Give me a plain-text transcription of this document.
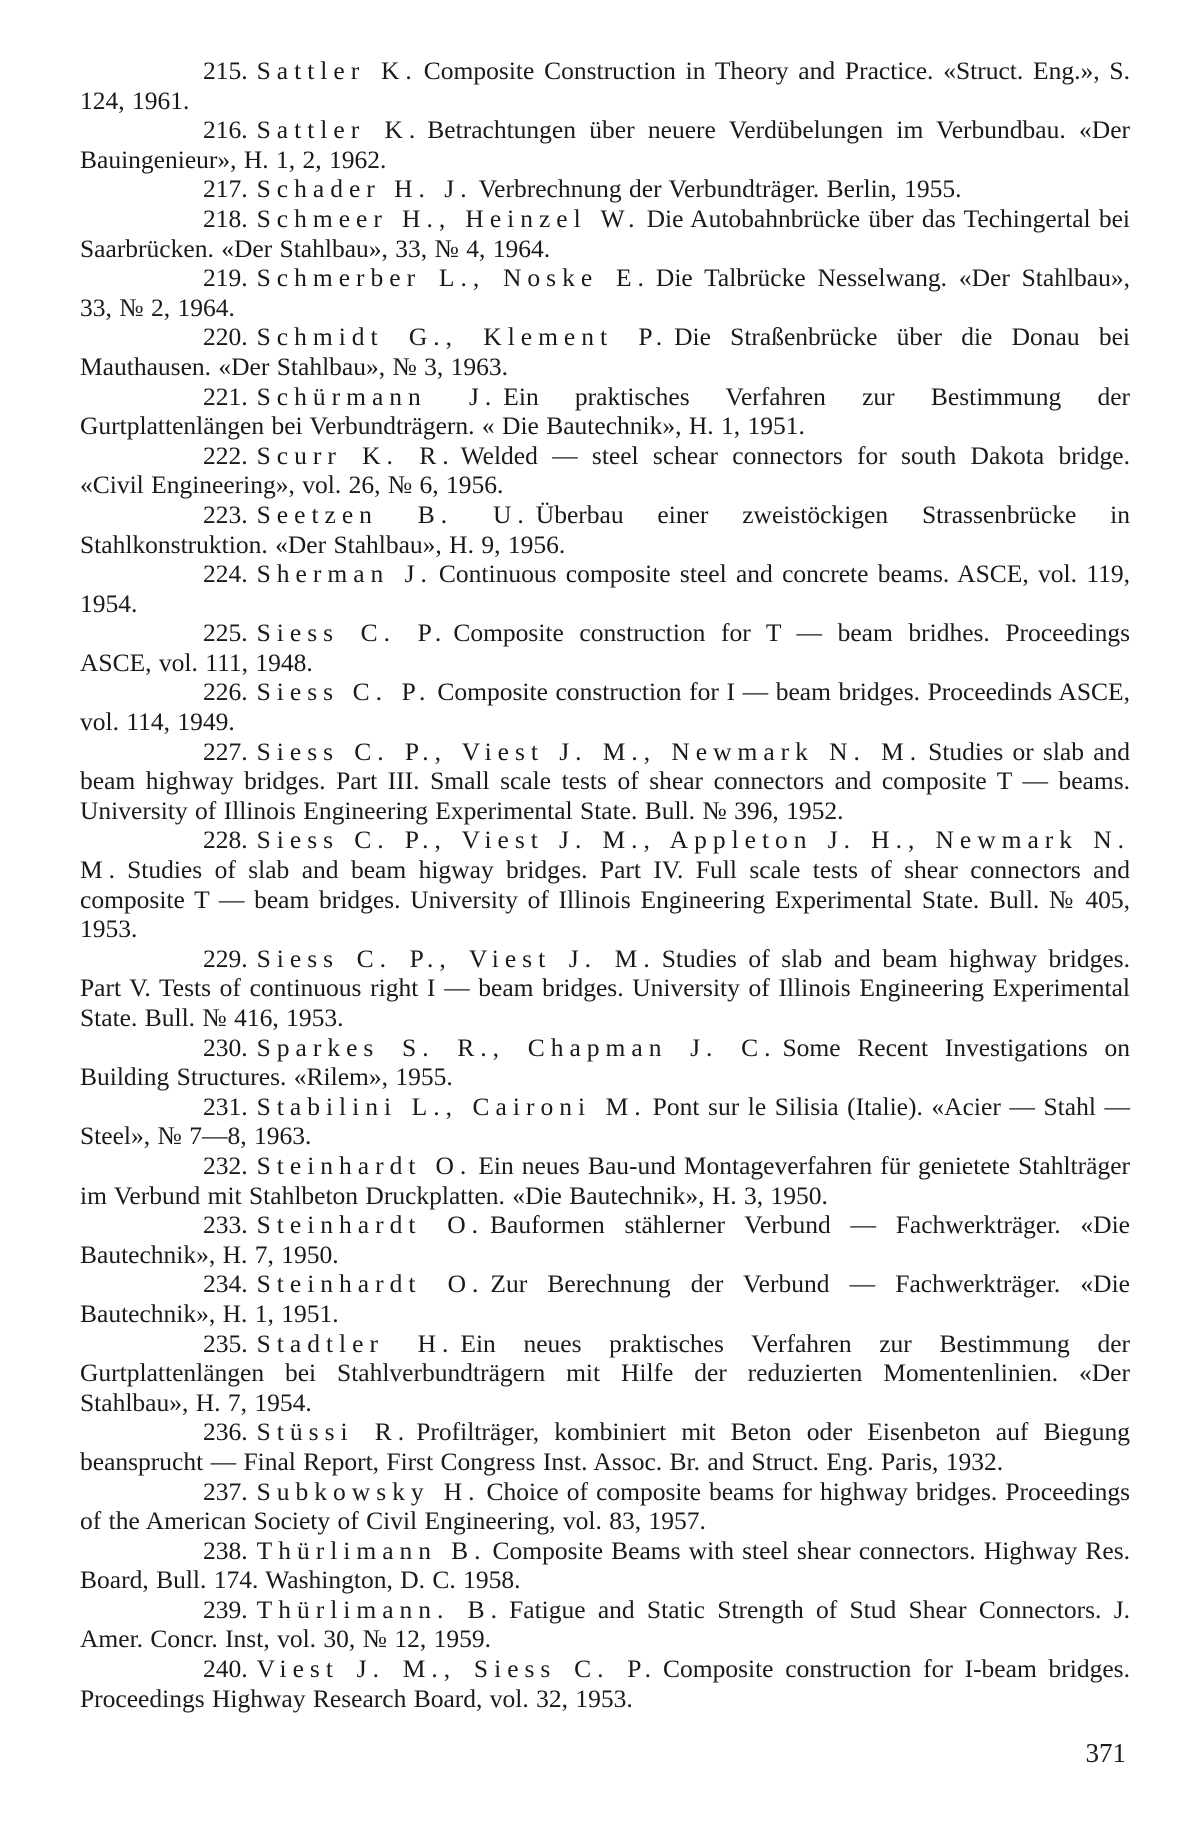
215. Sattler K. Composite Construction in Theory and Practice. «Struct. Eng.», S. 124, 1961.

216. Sattler K. Betrachtungen über neuere Verdübelungen im Verbundbau. «Der Bauingenieur», H. 1, 2, 1962.

217. Schader H. J. Verbrechnung der Verbundträger. Berlin, 1955.

218. Schmeer H., Heinzel W. Die Autobahnbrücke über das Techingertal bei Saarbrücken. «Der Stahlbau», 33, № 4, 1964.

219. Schmerber L., Noske E. Die Talbrücke Nesselwang. «Der Stahlbau», 33, № 2, 1964.

220. Schmidt G., Klement P. Die Straßenbrücke über die Donau bei Mauthausen. «Der Stahlbau», № 3, 1963.

221. Schürmann J. Ein praktisches Verfahren zur Bestimmung der Gurtplattenlängen bei Verbundträgern. « Die Bautechnik», H. 1, 1951.

222. Scurr K. R. Welded — steel schear connectors for south Dakota bridge. «Civil Engineering», vol. 26, № 6, 1956.

223. Seetzen B. U. Überbau einer zweistöckigen Strassenbrücke in Stahlkonstruktion. «Der Stahlbau», H. 9, 1956.

224. Sherman J. Continuous composite steel and concrete beams. ASCE, vol. 119, 1954.

225. Siess C. P. Composite construction for T — beam bridhes. Proceedings ASCE, vol. 111, 1948.

226. Siess C. P. Composite construction for I — beam bridges. Proceedinds ASCE, vol. 114, 1949.

227. Siess C. P., Viest J. M., Newmark N. M. Studies or slab and beam highway bridges. Part III. Small scale tests of shear connectors and composite T — beams. University of Illinois Engineering Experimental State. Bull. № 396, 1952.

228. Siess C. P., Viest J. M., Appleton J. H., Newmark N. M. Studies of slab and beam higway bridges. Part IV. Full scale tests of shear connectors and composite T — beam bridges. University of Illinois Engineering Experimental State. Bull. № 405, 1953.

229. Siess C. P., Viest J. M. Studies of slab and beam highway bridges. Part V. Tests of continuous right I — beam bridges. University of Illinois Engineering Experimental State. Bull. № 416, 1953.

230. Sparkes S. R., Chapman J. C. Some Recent Investigations on Building Structures. «Rilem», 1955.

231. Stabilini L., Caironi M. Pont sur le Silisia (Italie). «Acier — Stahl — Steel», № 7—8, 1963.

232. Steinhardt O. Ein neues Bau-und Montageverfahren für genietete Stahlträger im Verbund mit Stahlbeton Druckplatten. «Die Bautechnik», H. 3, 1950.

233. Steinhardt O. Bauformen stählerner Verbund — Fachwerkträger. «Die Bautechnik», H. 7, 1950.

234. Steinhardt O. Zur Berechnung der Verbund — Fachwerkträger. «Die Bautechnik», H. 1, 1951.

235. Stadtler H. Ein neues praktisches Verfahren zur Bestimmung der Gurtplattenlängen bei Stahlverbundträgern mit Hilfe der reduzierten Momentenlinien. «Der Stahlbau», H. 7, 1954.

236. Stüssi R. Profilträger, kombiniert mit Beton oder Eisenbeton auf Biegung beansprucht — Final Report, First Congress Inst. Assoc. Br. and Struct. Eng. Paris, 1932.

237. Subkowsky H. Choice of composite beams for highway bridges. Proceedings of the American Society of Civil Engineering, vol. 83, 1957.

238. Thürlimann B. Composite Beams with steel shear connectors. Highway Res. Board, Bull. 174. Washington, D. C. 1958.

239. Thürlimann. B. Fatigue and Static Strength of Stud Shear Connectors. J. Amer. Concr. Inst, vol. 30, № 12, 1959.

240. Viest J. M., Siess C. P. Composite construction for I-beam bridges. Proceedings Highway Research Board, vol. 32, 1953.

371
